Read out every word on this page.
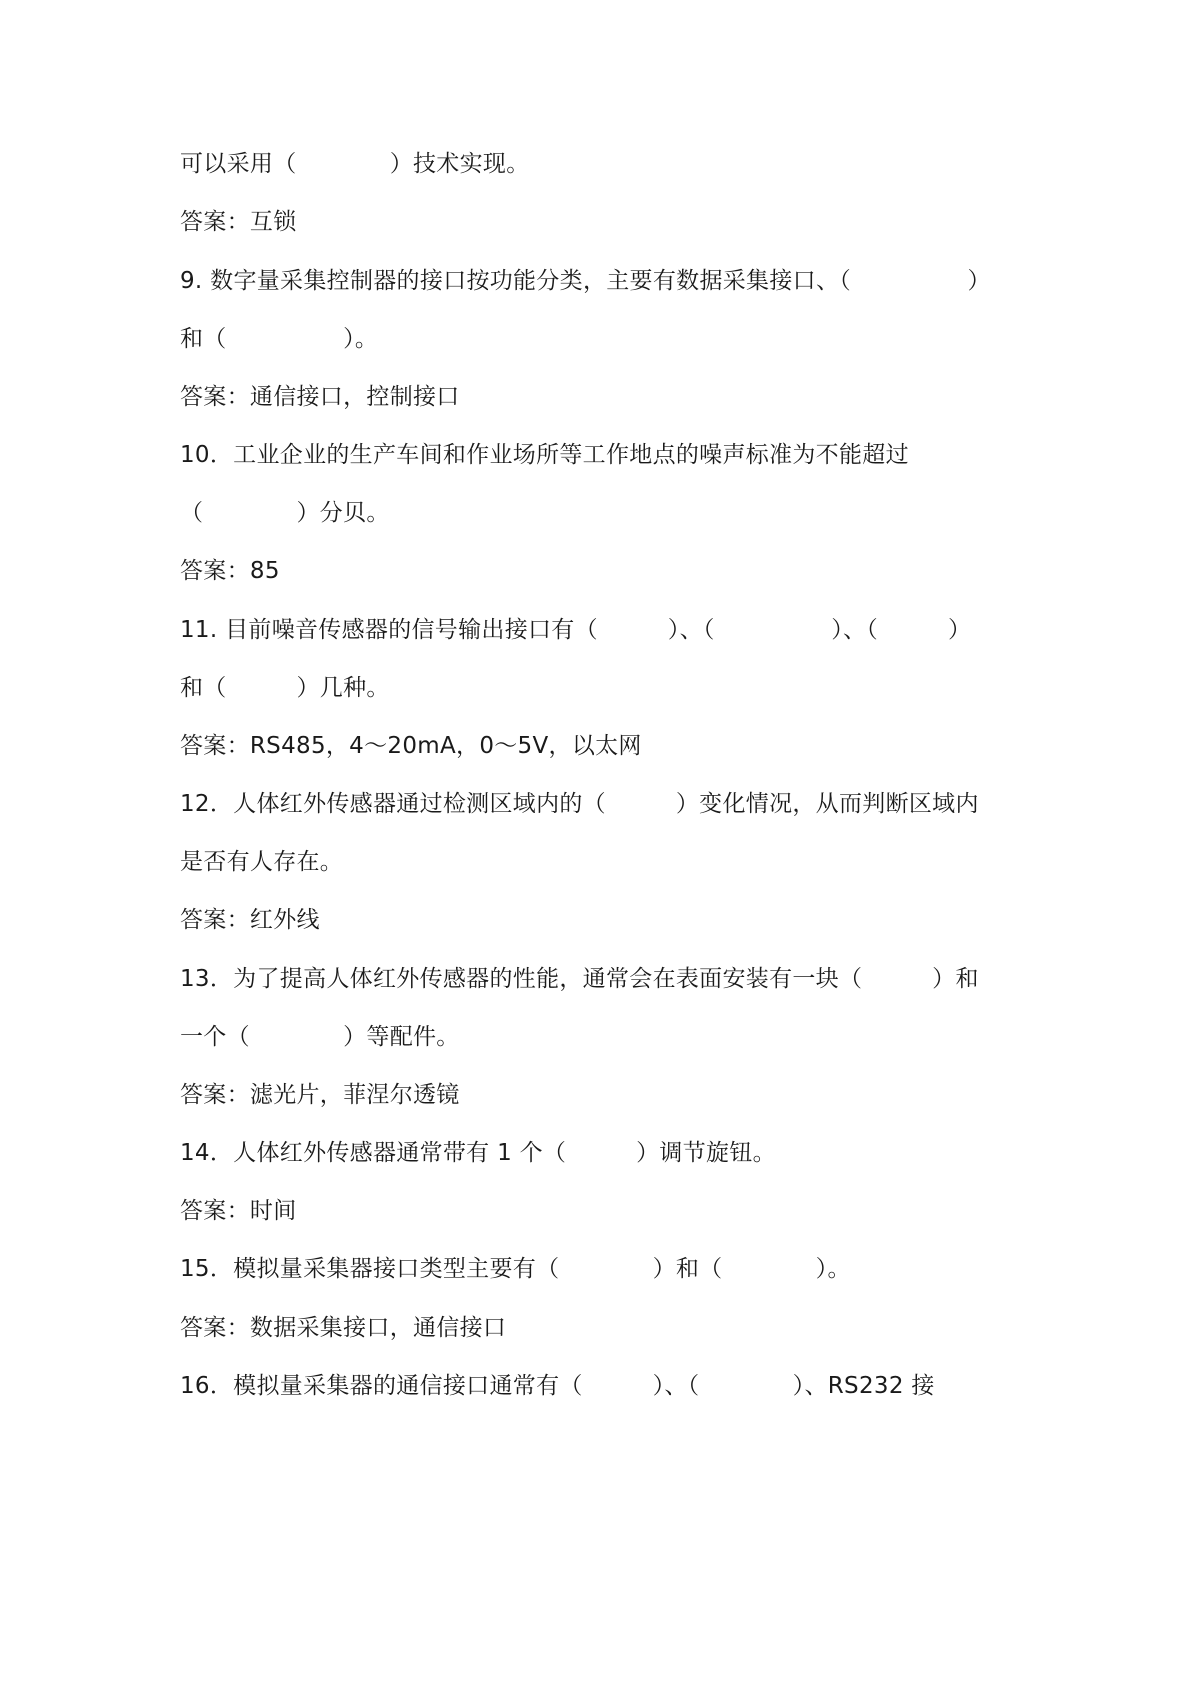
可以采用（　　　　）技术实现。
答案：互锁
9. 数字量采集控制器的接口按功能分类，主要有数据采集接口、（　　　　　）
和（　　　　　）。
答案：通信接口，控制接口
10．工业企业的生产车间和作业场所等工作地点的噪声标准为不能超过
（　　　　）分贝。
答案：85
11. 目前噪音传感器的信号输出接口有（　　　）、（　　　　　）、（　　　）
和（　　　）几种。
答案：RS485，4～20mA，0～5V，以太网
12．人体红外传感器通过检测区域内的（　　　）变化情况，从而判断区域内
是否有人存在。
答案：红外线
13．为了提高人体红外传感器的性能，通常会在表面安装有一块（　　　）和
一个（　　　　）等配件。
答案：滤光片，菲涅尔透镜
14．人体红外传感器通常带有 1 个（　　　）调节旋钮。
答案：时间
15．模拟量采集器接口类型主要有（　　　　）和（　　　　）。
答案：数据采集接口，通信接口
16．模拟量采集器的通信接口通常有（　　　）、（　　　　）、RS232 接
